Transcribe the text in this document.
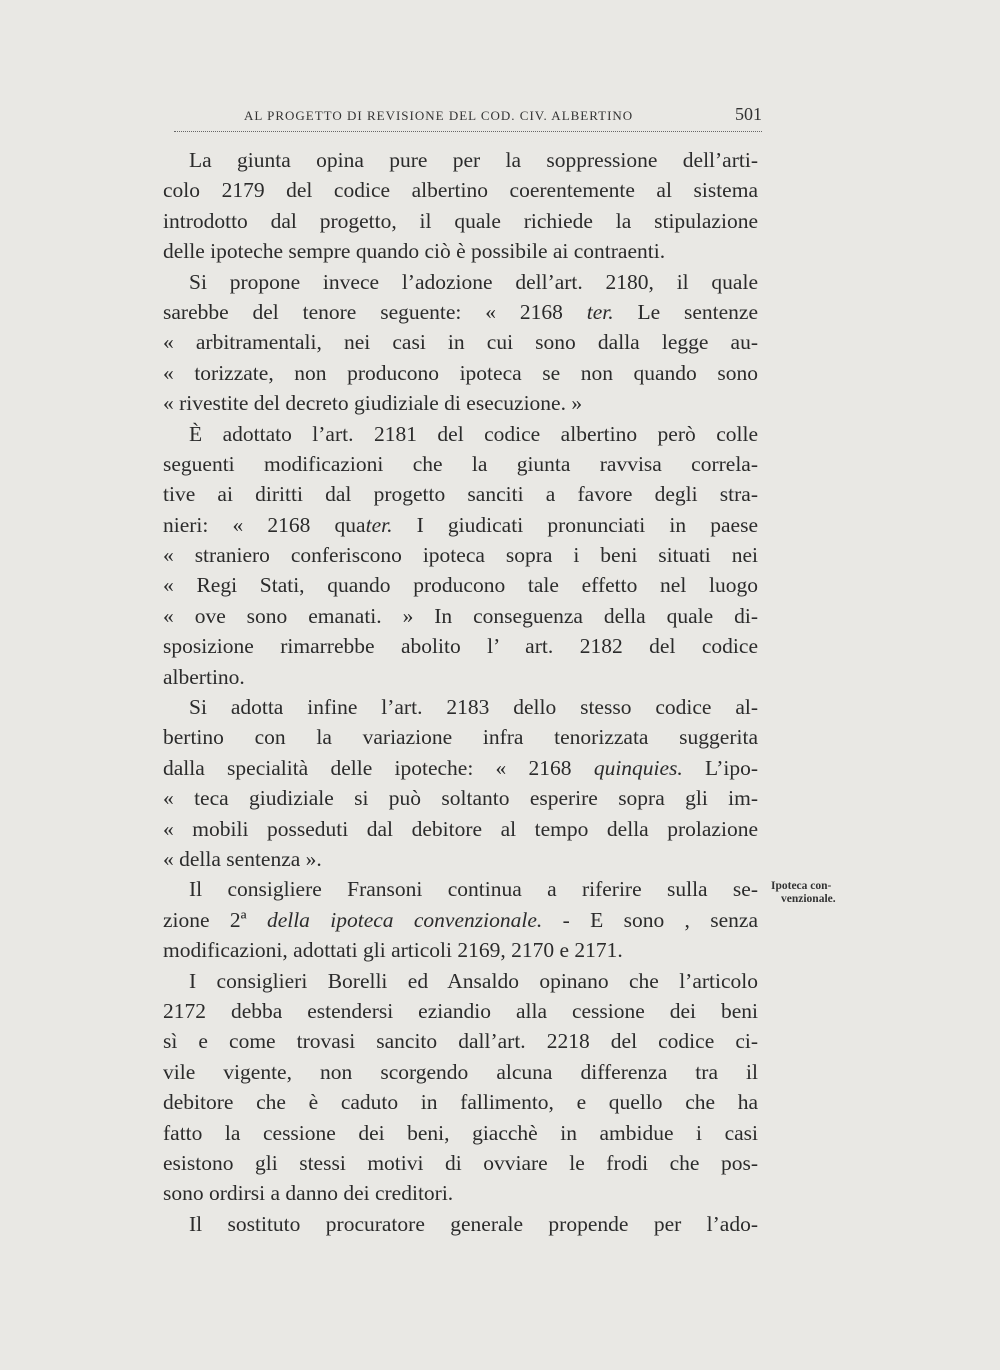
AL PROGETTO DI REVISIONE DEL COD. CIV. ALBERTINO	501
La giunta opina pure per la soppressione dell’arti-
colo 2179 del codice albertino coerentemente al sistema
introdotto dal progetto, il quale richiede la stipulazione
delle ipoteche sempre quando ciò è possibile ai contraenti.
Si propone invece l’adozione dell’art. 2180, il quale
sarebbe del tenore seguente: « 2168 ter. Le sentenze
« arbitramentali, nei casi in cui sono dalla legge au-
« torizzate, non producono ipoteca se non quando sono
« rivestite del decreto giudiziale di esecuzione. »
È adottato l’art. 2181 del codice albertino però colle
seguenti modificazioni che la giunta ravvisa correla-
tive ai diritti dal progetto sanciti a favore degli stra-
nieri: « 2168 quater. I giudicati pronunciati in paese
« straniero conferiscono ipoteca sopra i beni situati nei
« Regi Stati, quando producono tale effetto nel luogo
« ove sono emanati. » In conseguenza della quale di-
sposizione rimarrebbe abolito l’ art. 2182 del codice
albertino.
Si adotta infine l’art. 2183 dello stesso codice al-
bertino con la variazione infra tenorizzata suggerita
dalla specialità delle ipoteche: « 2168 quinquies. L’ipo-
« teca giudiziale si può soltanto esperire sopra gli im-
« mobili posseduti dal debitore al tempo della prolazione
« della sentenza ».
Il consigliere Fransoni continua a riferire sulla se-
zione 2ª della ipoteca convenzionale. - E sono , senza
modificazioni, adottati gli articoli 2169, 2170 e 2171.
I consiglieri Borelli ed Ansaldo opinano che l’articolo
2172 debba estendersi eziandio alla cessione dei beni
sì e come trovasi sancito dall’art. 2218 del codice ci-
vile vigente, non scorgendo alcuna differenza tra il
debitore che è caduto in fallimento, e quello che ha
fatto la cessione dei beni, giacchè in ambidue i casi
esistono gli stessi motivi di ovviare le frodi che pos-
sono ordirsi a danno dei creditori.
Il sostituto procuratore generale propende per l’ado-
Ipoteca con-
venzionale.
